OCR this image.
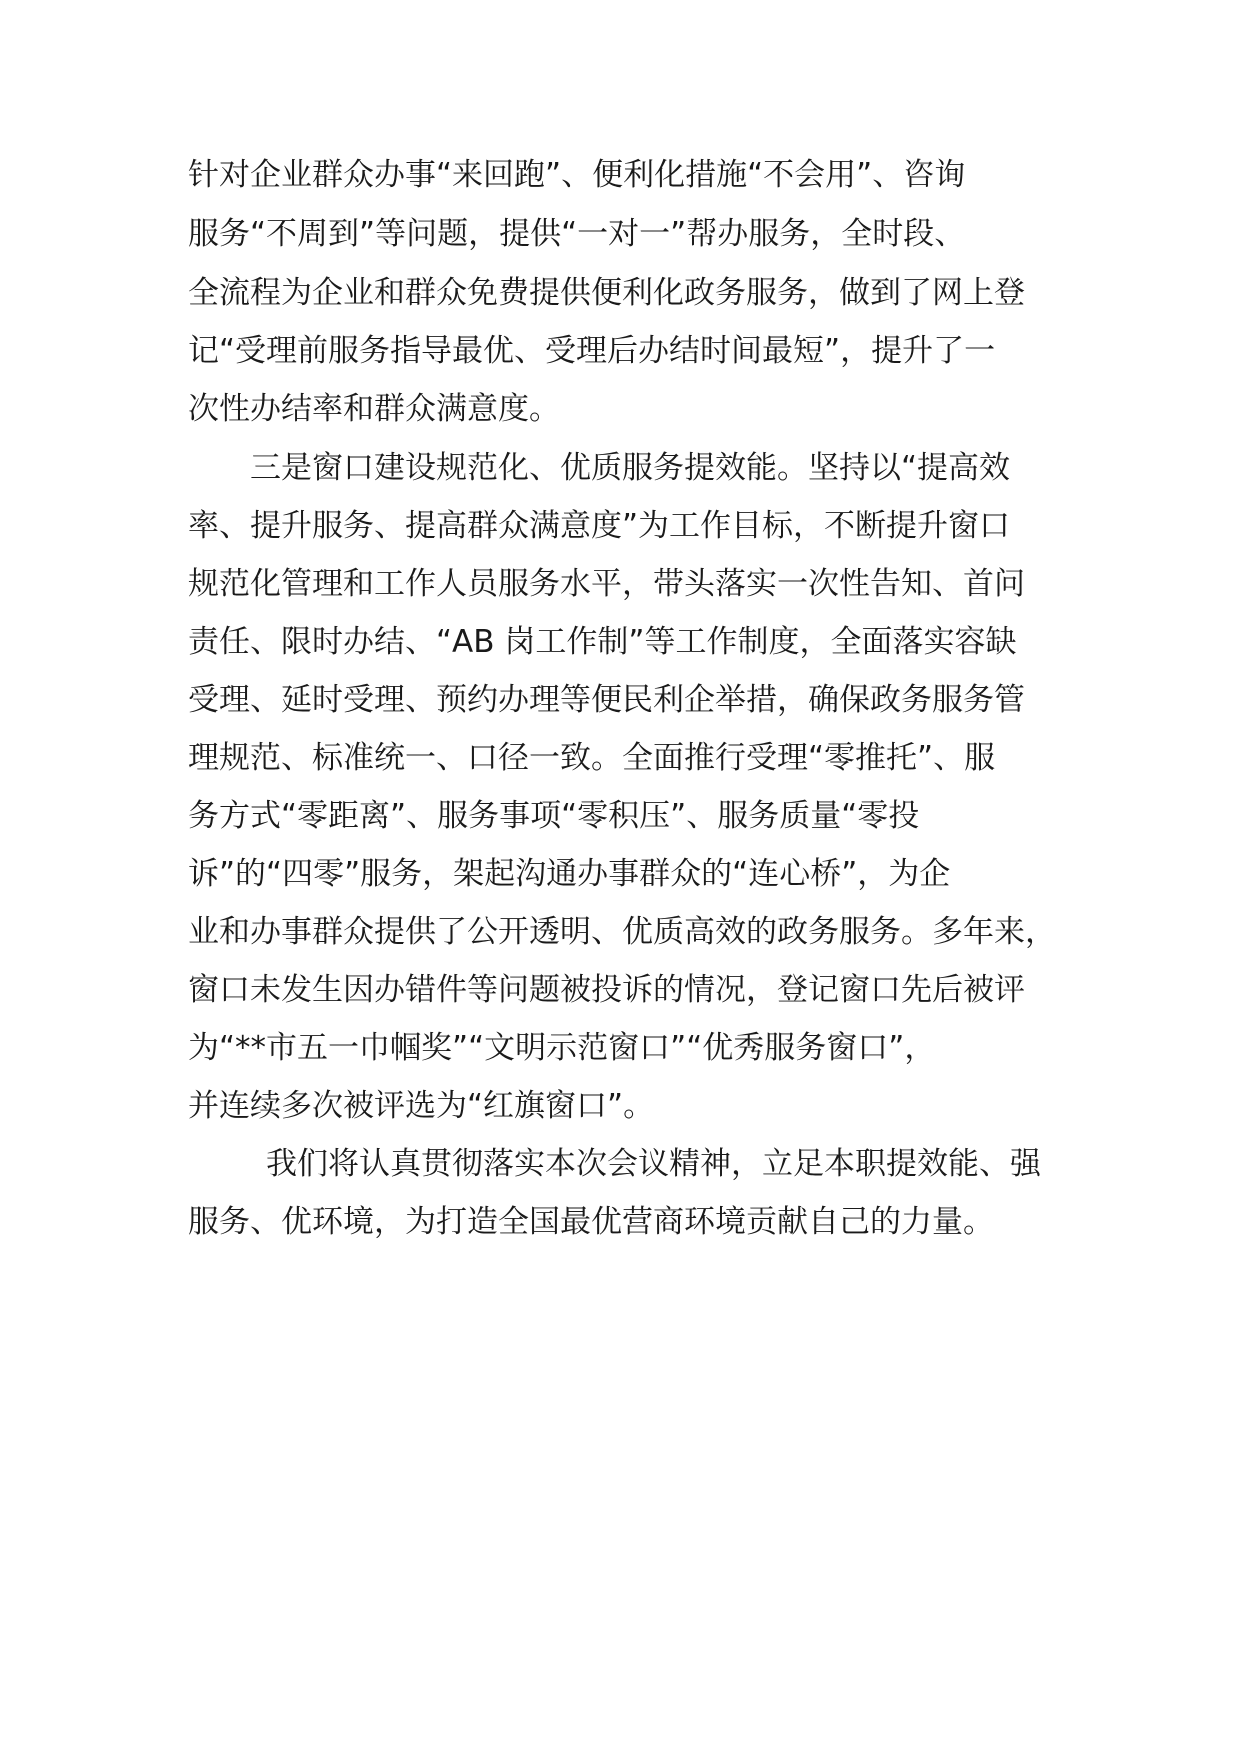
针对企业群众办事“来回跑”、便利化措施“不会用”、咨询

服务“不周到”等问题，提供“一对一”帮办服务，全时段、

全流程为企业和群众免费提供便利化政务服务，做到了网上登

记“受理前服务指导最优、受理后办结时间最短”，提升了一

次性办结率和群众满意度。

三是窗口建设规范化、优质服务提效能。坚持以“提高效

率、提升服务、提高群众满意度”为工作目标，不断提升窗口

规范化管理和工作人员服务水平，带头落实一次性告知、首问

责任、限时办结、“AB 岗工作制”等工作制度，全面落实容缺

受理、延时受理、预约办理等便民利企举措，确保政务服务管

理规范、标准统一、口径一致。全面推行受理“零推托”、服

务方式“零距离”、服务事项“零积压”、服务质量“零投

诉”的“四零”服务，架起沟通办事群众的“连心桥”，为企

业和办事群众提供了公开透明、优质高效的政务服务。多年来，

窗口未发生因办错件等问题被投诉的情况，登记窗口先后被评

为“**市五一巾帼奖”“文明示范窗口”“优秀服务窗口”，

并连续多次被评选为“红旗窗口”。

我们将认真贯彻落实本次会议精神，立足本职提效能、强

服务、优环境，为打造全国最优营商环境贡献自己的力量。
